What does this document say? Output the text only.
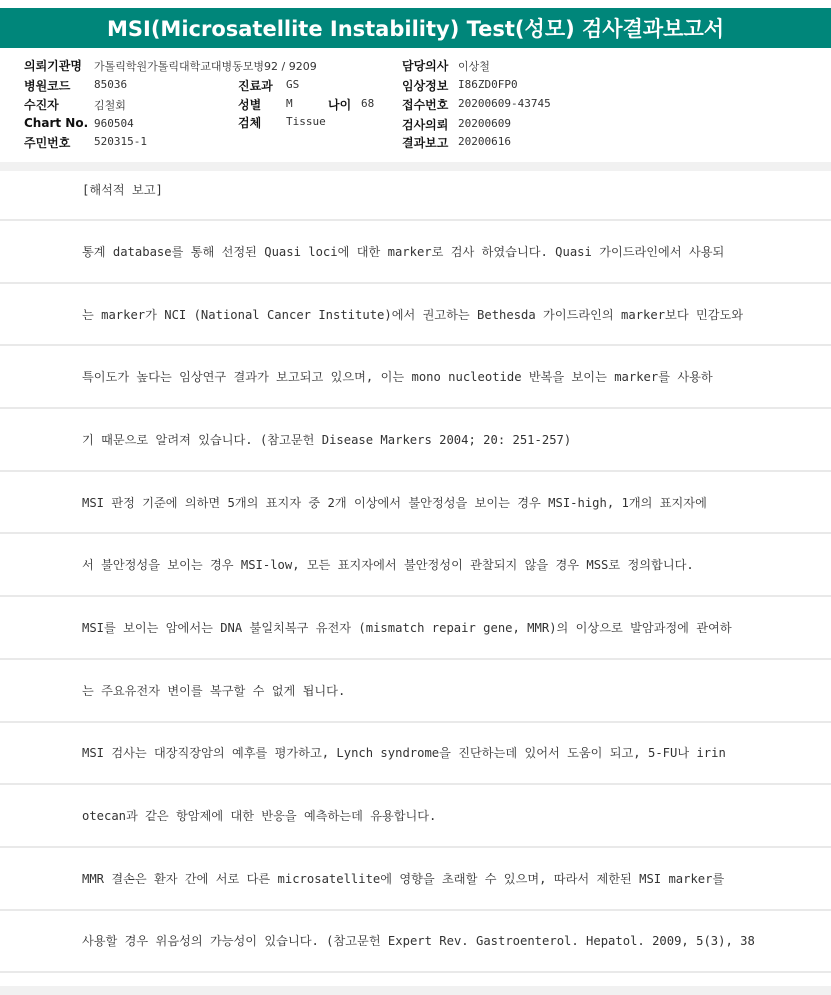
MSI(Microsatellite Instability) Test(성모) 검사결과보고서
의뢰기관명 가톨릭학원가톨릭대학교대병동모병92 / 9209
병원코드 85036
수진자	김철회
Chart No. 960504
주민번호 520315-1
진료과 GS
성별 M	나이 68
검체 Tissue
담당의사 이상철
임상정보 I86ZD0FP0
접수번호 20200609-43745
검사의뢰 20200609
결과보고 20200616
[해석적 보고]
통계 database를 통해 선정된 Quasi loci에 대한 marker로 검사 하였습니다. Quasi 가이드라인에서 사용되
는 marker가 NCI (National Cancer Institute)에서 권고하는 Bethesda 가이드라인의 marker보다 민감도와
특이도가 높다는 임상연구 결과가 보고되고 있으며, 이는 mono nucleotide 반복을 보이는 marker를 사용하
기 때문으로 알려져 있습니다. (참고문헌 Disease Markers 2004; 20: 251-257)
MSI 판정 기준에 의하면 5개의 표지자 중 2개 이상에서 불안정성을 보이는 경우 MSI-high, 1개의 표지자에
서 불안정성을 보이는 경우 MSI-low, 모든 표지자에서 불안정성이 관찰되지 않을 경우 MSS로 정의합니다.
MSI를 보이는 암에서는 DNA 불일치복구 유전자 (mismatch repair gene, MMR)의 이상으로 발암과정에 관여하
는 주요유전자 변이를 복구할 수 없게 됩니다.
MSI 검사는 대장직장암의 예후를 평가하고, Lynch syndrome을 진단하는데 있어서 도움이 되고, 5-FU나 irin
otecan과 같은 항암제에 대한 반응을 예측하는데 유용합니다.
MMR 결손은 환자 간에 서로 다른 microsatellite에 영향을 초래할 수 있으며, 따라서 제한된 MSI marker를
사용할 경우 위음성의 가능성이 있습니다. (참고문헌 Expert Rev. Gastroenterol. Hepatol. 2009, 5(3), 38
